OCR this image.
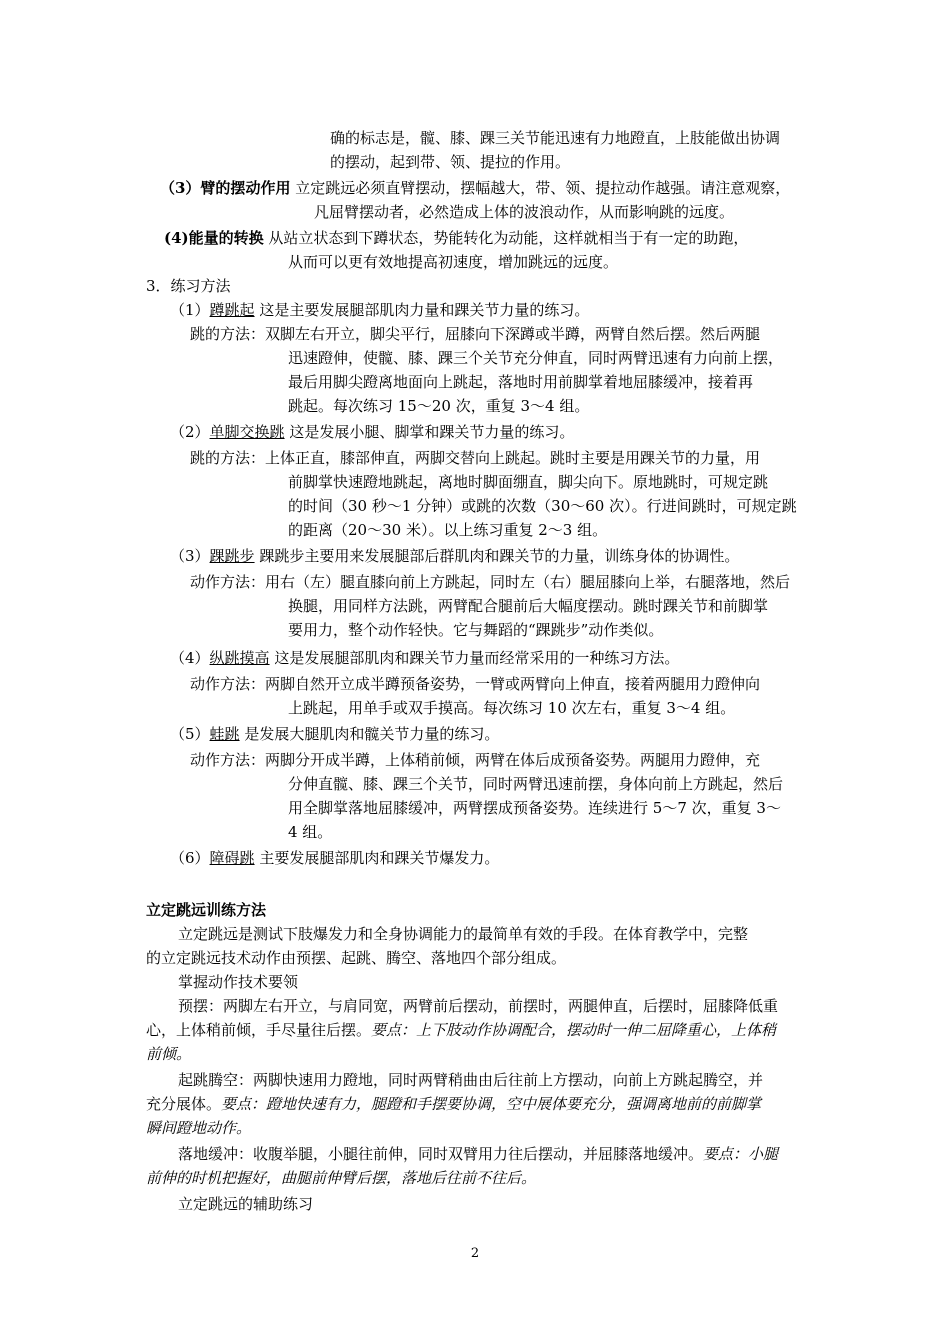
确的标志是，髋、膝、踝三关节能迅速有力地蹬直，上肢能做出协调
的摆动，起到带、领、提拉的作用。
（3）臂的摆动作用 立定跳远必须直臂摆动，摆幅越大，带、领、提拉动作越强。请注意观察，
凡屈臂摆动者，必然造成上体的波浪动作，从而影响跳的远度。
(4)能量的转换 从站立状态到下蹲状态，势能转化为动能，这样就相当于有一定的助跑，
从而可以更有效地提高初速度，增加跳远的远度。
3．练习方法
（1）蹲跳起 这是主要发展腿部肌肉力量和踝关节力量的练习。
跳的方法：双脚左右开立，脚尖平行，屈膝向下深蹲或半蹲，两臂自然后摆。然后两腿
迅速蹬伸，使髋、膝、踝三个关节充分伸直，同时两臂迅速有力向前上摆，
最后用脚尖蹬离地面向上跳起，落地时用前脚掌着地屈膝缓冲，接着再
跳起。每次练习 15～20 次，重复 3～4 组。
（2）单脚交换跳 这是发展小腿、脚掌和踝关节力量的练习。
跳的方法：上体正直，膝部伸直，两脚交替向上跳起。跳时主要是用踝关节的力量，用
前脚掌快速蹬地跳起，离地时脚面绷直，脚尖向下。原地跳时，可规定跳
的时间（30 秒～1 分钟）或跳的次数（30～60 次）。行进间跳时，可规定跳
的距离（20～30 米）。以上练习重复 2～3 组。
（3）踝跳步 踝跳步主要用来发展腿部后群肌肉和踝关节的力量，训练身体的协调性。
动作方法：用右（左）腿直膝向前上方跳起，同时左（右）腿屈膝向上举，右腿落地，然后
换腿，用同样方法跳，两臂配合腿前后大幅度摆动。跳时踝关节和前脚掌
要用力，整个动作轻快。它与舞蹈的“踝跳步”动作类似。
（4）纵跳摸高 这是发展腿部肌肉和踝关节力量而经常采用的一种练习方法。
动作方法：两脚自然开立成半蹲预备姿势，一臂或两臂向上伸直，接着两腿用力蹬伸向
上跳起，用单手或双手摸高。每次练习 10 次左右，重复 3～4 组。
（5）蛙跳 是发展大腿肌肉和髋关节力量的练习。
动作方法：两脚分开成半蹲，上体稍前倾，两臂在体后成预备姿势。两腿用力蹬伸，充
分伸直髋、膝、踝三个关节，同时两臂迅速前摆，身体向前上方跳起，然后
用全脚掌落地屈膝缓冲，两臂摆成预备姿势。连续进行 5～7 次，重复 3～
4 组。
（6）障碍跳 主要发展腿部肌肉和踝关节爆发力。
立定跳远训练方法
立定跳远是测试下肢爆发力和全身协调能力的最简单有效的手段。在体育教学中，完整
的立定跳远技术动作由预摆、起跳、腾空、落地四个部分组成。
掌握动作技术要领
预摆：两脚左右开立，与肩同宽，两臂前后摆动，前摆时，两腿伸直，后摆时，屈膝降低重
心，上体稍前倾，手尽量往后摆。要点：上下肢动作协调配合，摆动时一伸二屈降重心，上体稍
前倾。
起跳腾空：两脚快速用力蹬地，同时两臂稍曲由后往前上方摆动，向前上方跳起腾空，并
充分展体。要点：蹬地快速有力，腿蹬和手摆要协调，空中展体要充分，强调离地前的前脚掌
瞬间蹬地动作。
落地缓冲：收腹举腿，小腿往前伸，同时双臂用力往后摆动，并屈膝落地缓冲。要点：小腿
前伸的时机把握好，曲腿前伸臂后摆，落地后往前不往后。
立定跳远的辅助练习
2
